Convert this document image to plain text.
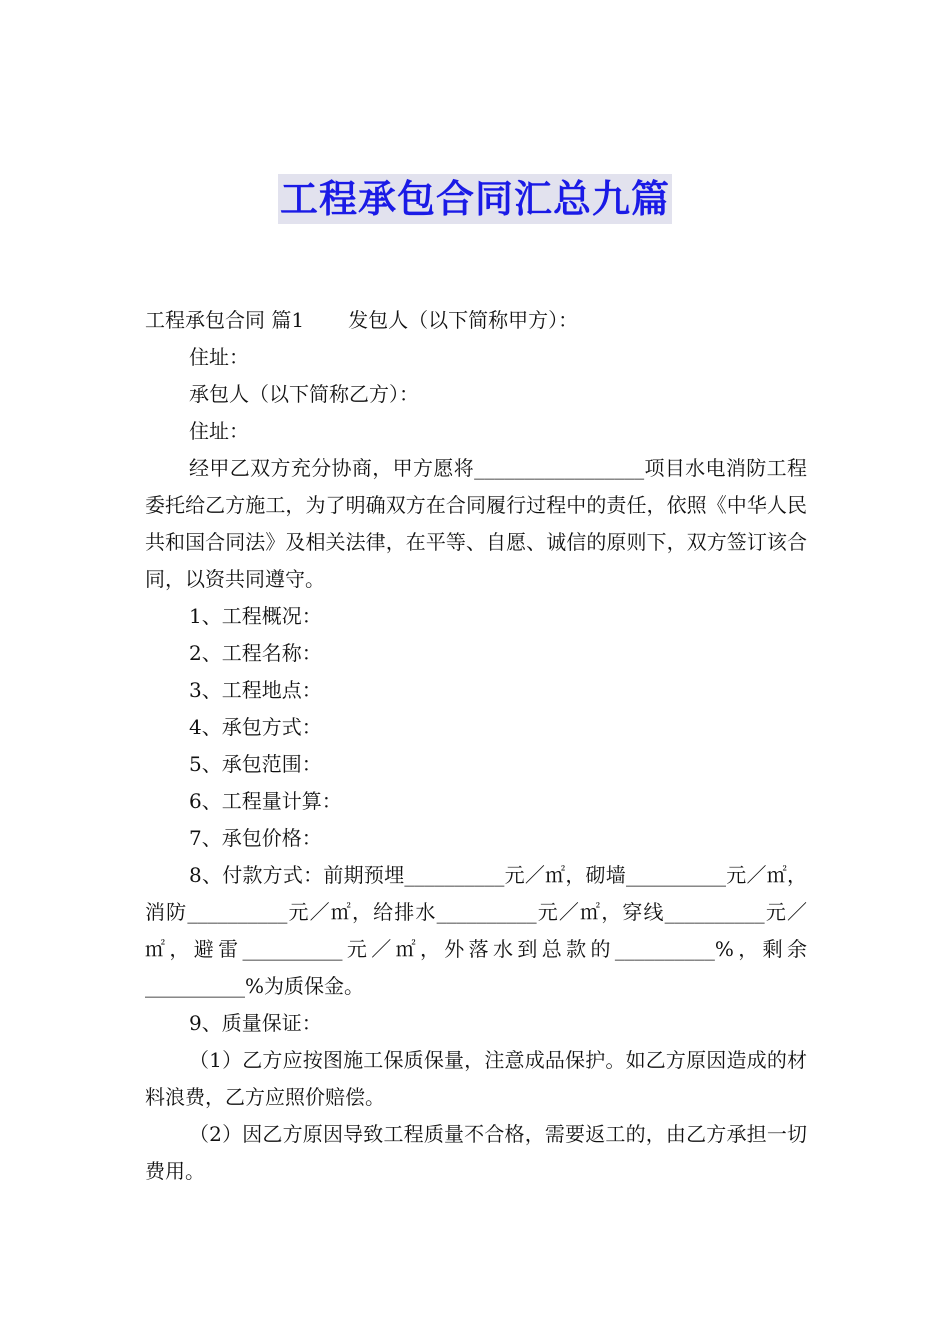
工程承包合同汇总九篇

工程承包合同 篇1 发包人（以下简称甲方）：

住址：

承包人（以下简称乙方）：

住址：

经甲乙双方充分协商，甲方愿将_________________项目水电消防工程委托给乙方施工，为了明确双方在合同履行过程中的责任，依照《中华人民共和国合同法》及相关法律，在平等、自愿、诚信的原则下，双方签订该合同，以资共同遵守。

1、工程概况：

2、工程名称：

3、工程地点：

4、承包方式：

5、承包范围：

6、工程量计算：

7、承包价格：

8、付款方式：前期预埋__________元／㎡，砌墙__________元／㎡，消防__________元／㎡，给排水__________元／㎡，穿线__________元／㎡，避雷__________元／㎡，外落水到总款的__________%，剩余__________%为质保金。

9、质量保证：

（1）乙方应按图施工保质保量，注意成品保护。如乙方原因造成的材料浪费，乙方应照价赔偿。

（2）因乙方原因导致工程质量不合格，需要返工的，由乙方承担一切费用。
